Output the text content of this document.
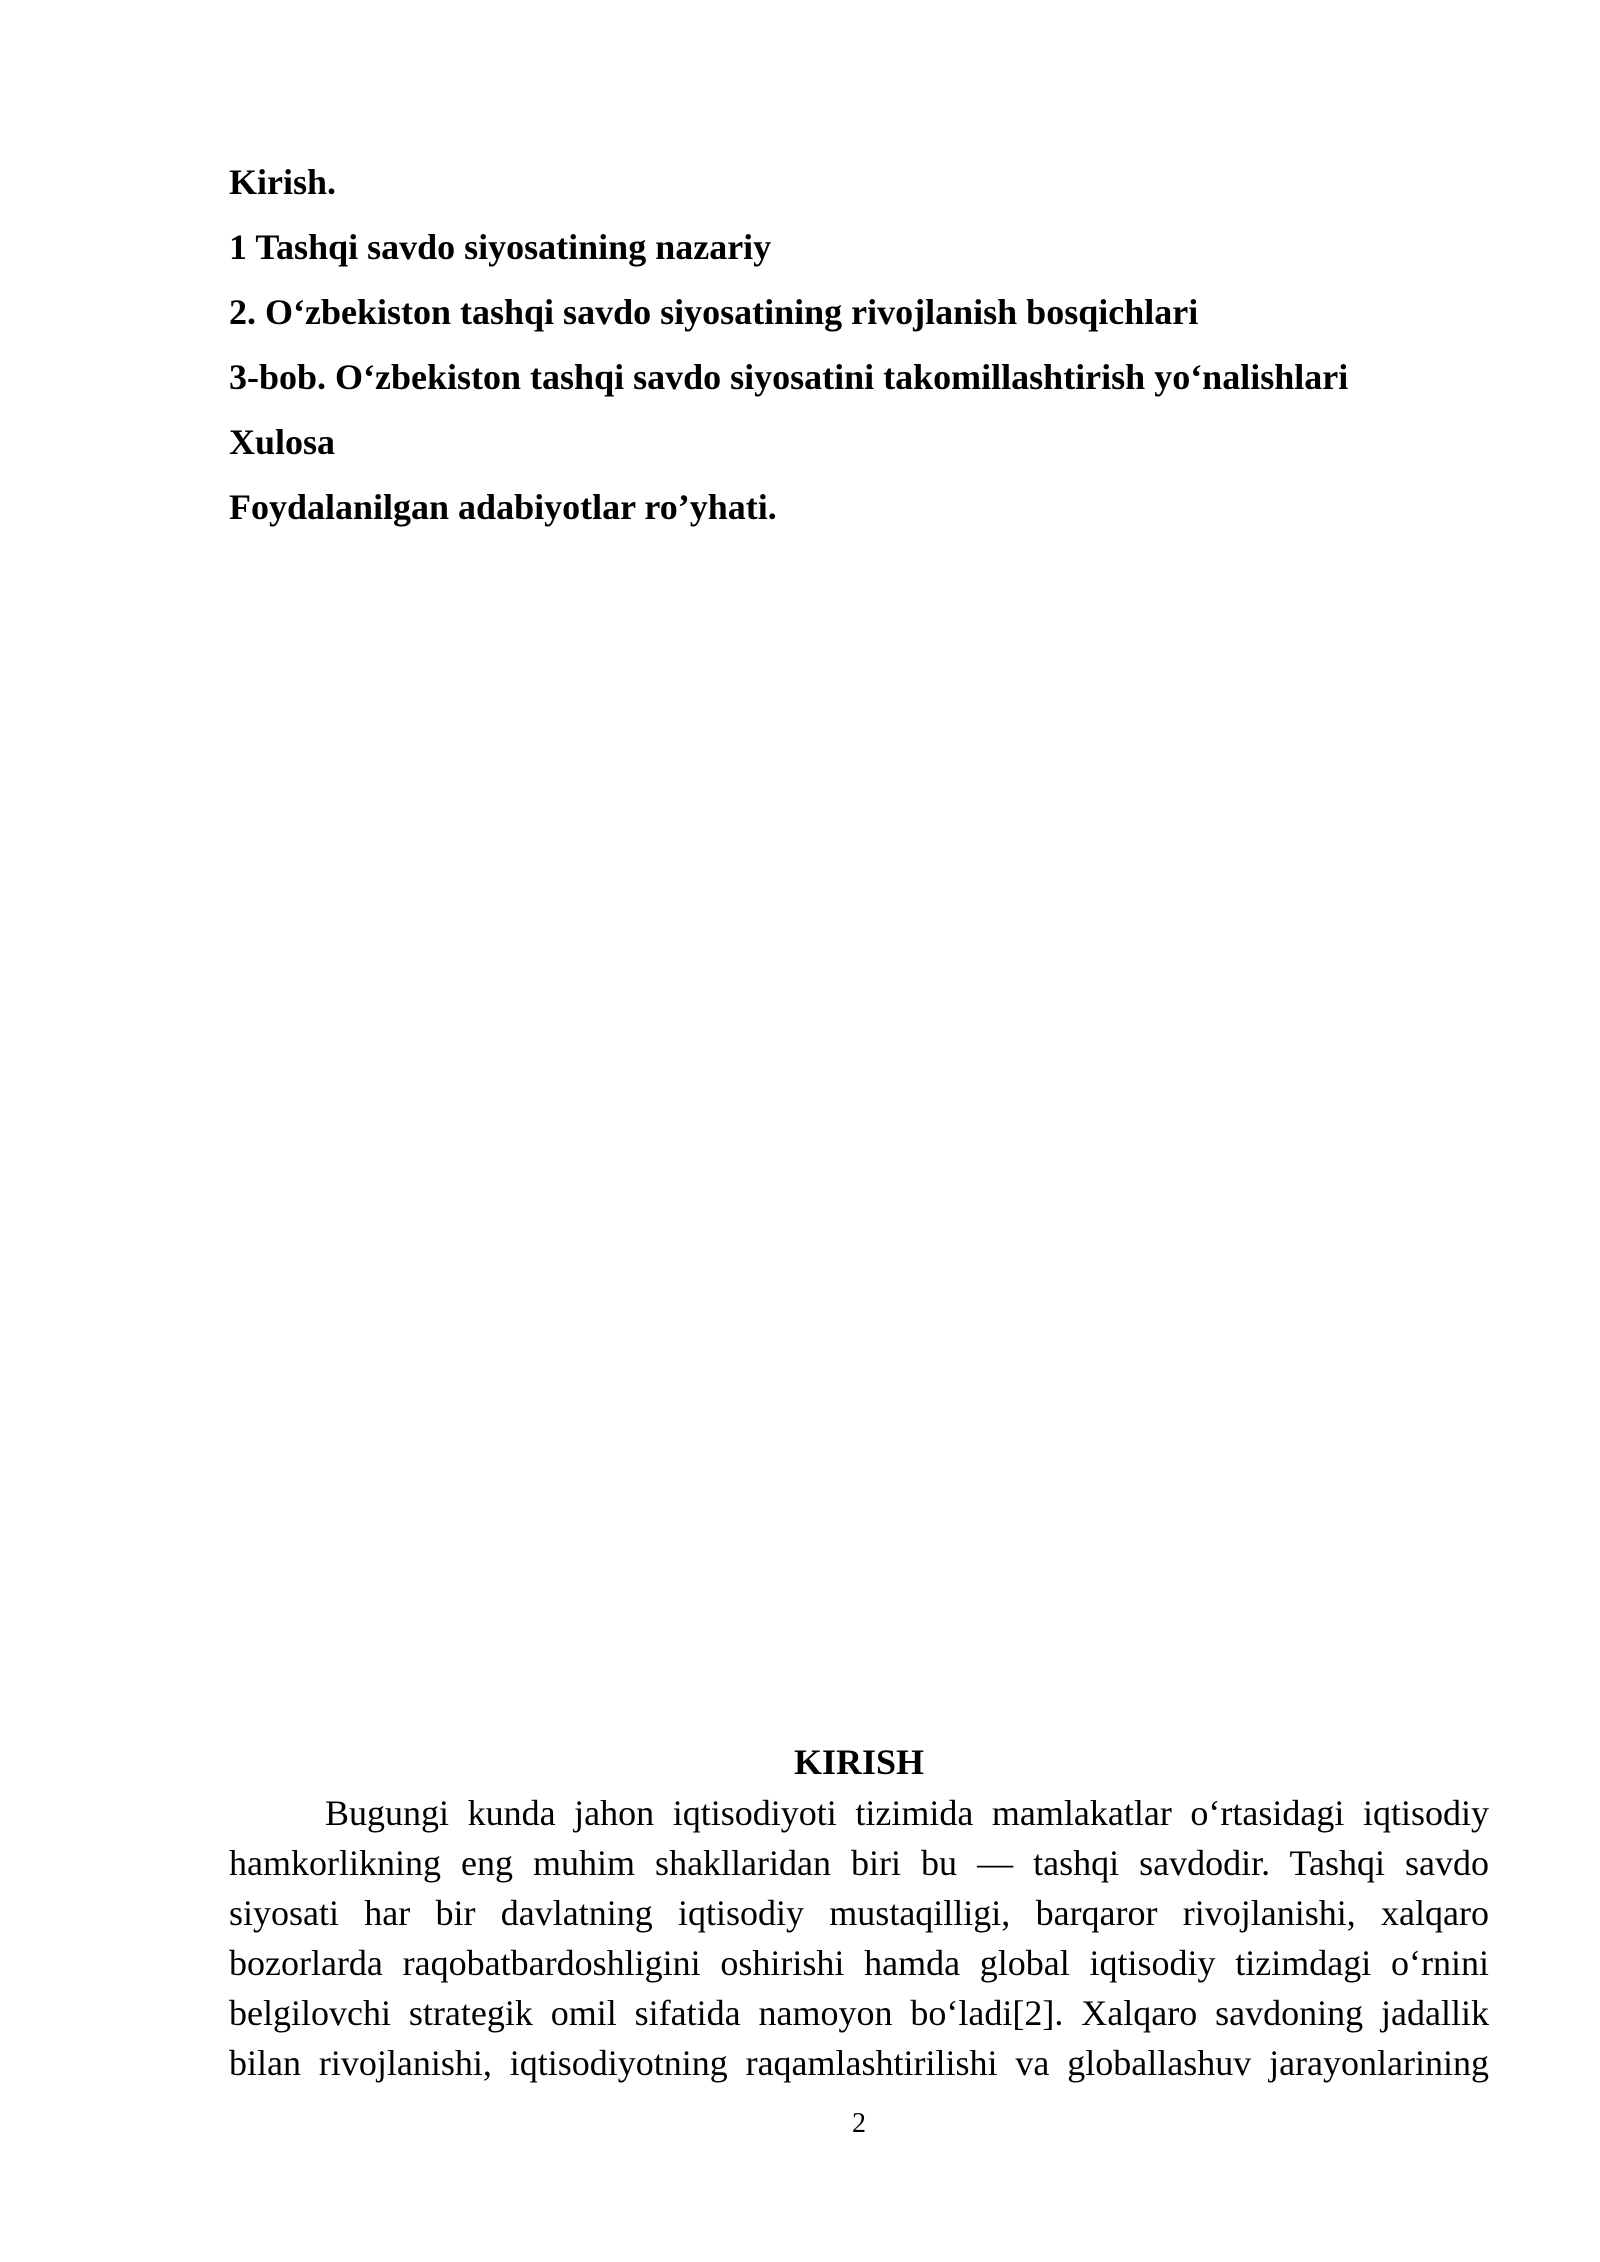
Kirish.
1 Tashqi savdo siyosatining nazariy
2. O‘zbekiston tashqi savdo siyosatining rivojlanish bosqichlari
3-bob. O‘zbekiston tashqi savdo siyosatini takomillashtirish yo‘nalishlari
Xulosa
Foydalanilgan adabiyotlar ro’yhati.
KIRISH
Bugungi kunda jahon iqtisodiyoti tizimida mamlakatlar o‘rtasidagi iqtisodiy
hamkorlikning eng muhim shakllaridan biri bu — tashqi savdodir. Tashqi savdo
siyosati har bir davlatning iqtisodiy mustaqilligi, barqaror rivojlanishi, xalqaro
bozorlarda raqobatbardoshligini oshirishi hamda global iqtisodiy tizimdagi o‘rnini
belgilovchi strategik omil sifatida namoyon bo‘ladi[2]. Xalqaro savdoning jadallik
bilan rivojlanishi, iqtisodiyotning raqamlashtirilishi va globallashuv jarayonlarining
2
